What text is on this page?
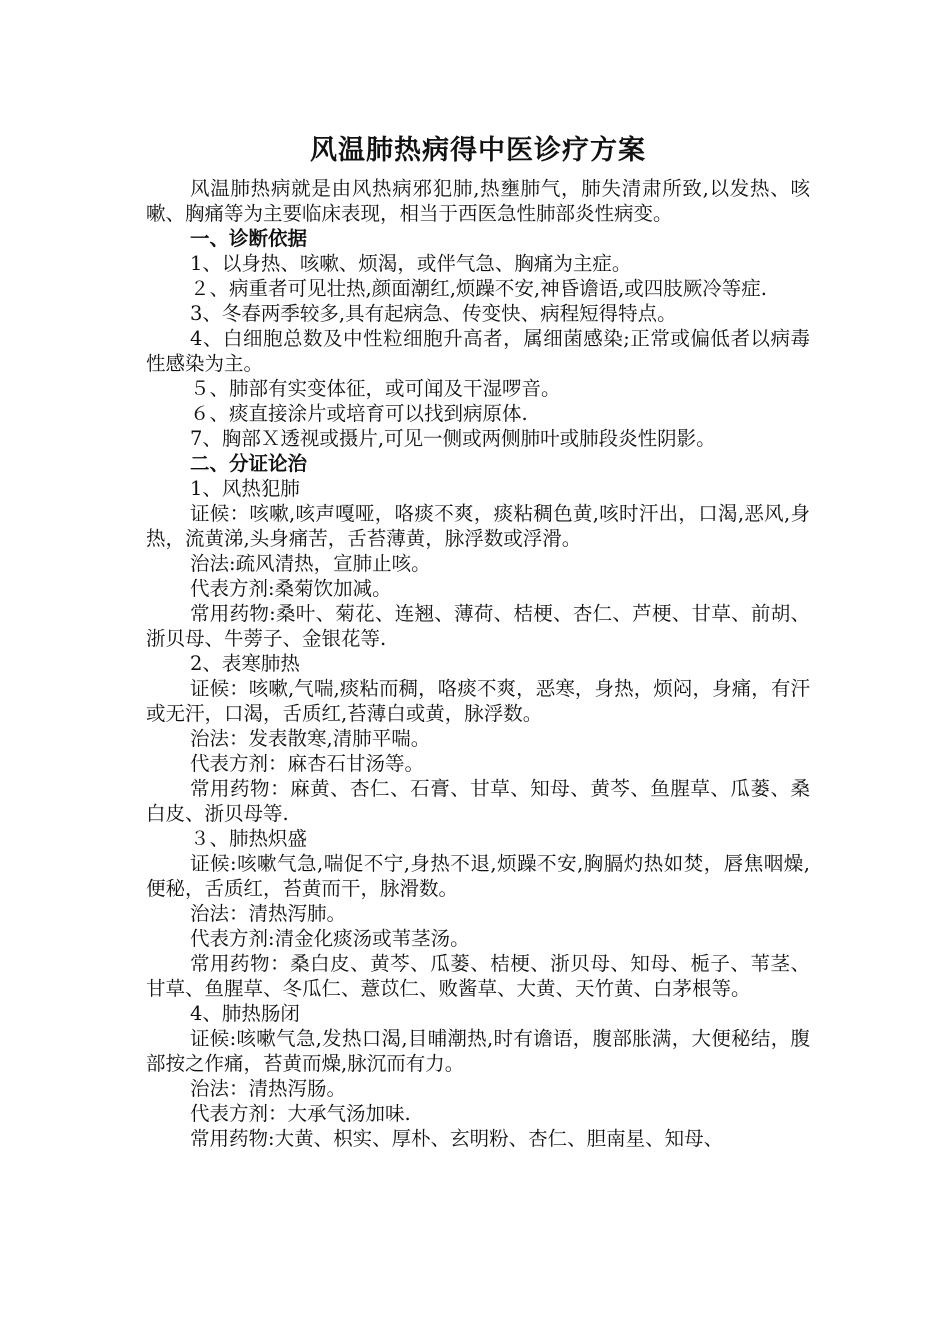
风温肺热病得中医诊疗方案

风温肺热病就是由风热病邪犯肺,热壅肺气，肺失清肃所致,以发热、咳嗽、胸痛等为主要临床表现，相当于西医急性肺部炎性病变。

一、诊断依据

1、以身热、咳嗽、烦渴，或伴气急、胸痛为主症。

２、病重者可见壮热,颜面潮红,烦躁不安,神昏谵语,或四肢厥冷等症.

3、冬春两季较多,具有起病急、传变快、病程短得特点。

4、白细胞总数及中性粒细胞升高者，属细菌感染;正常或偏低者以病毒性感染为主。

５、肺部有实变体征，或可闻及干湿啰音。

６、痰直接涂片或培育可以找到病原体.

7、胸部Ｘ透视或摄片,可见一侧或两侧肺叶或肺段炎性阴影。

二、分证论治

1、风热犯肺

证候：咳嗽,咳声嘎哑，咯痰不爽，痰粘稠色黄,咳时汗出，口渴,恶风,身热，流黄涕,头身痛苦，舌苔薄黄，脉浮数或浮滑。

治法:疏风清热，宣肺止咳。

代表方剂:桑菊饮加减。

常用药物:桑叶、菊花、连翘、薄荷、桔梗、杏仁、芦梗、甘草、前胡、浙贝母、牛蒡子、金银花等.

2、表寒肺热

证候：咳嗽,气喘,痰粘而稠，咯痰不爽，恶寒，身热，烦闷，身痛，有汗或无汗，口渴，舌质红,苔薄白或黄，脉浮数。

治法：发表散寒,清肺平喘。

代表方剂：麻杏石甘汤等。

常用药物：麻黄、杏仁、石膏、甘草、知母、黄芩、鱼腥草、瓜蒌、桑白皮、浙贝母等.

３、肺热炽盛

证候:咳嗽气急,喘促不宁,身热不退,烦躁不安,胸膈灼热如焚，唇焦咽燥,便秘，舌质红，苔黄而干，脉滑数。

治法：清热泻肺。

代表方剂:清金化痰汤或苇茎汤。

常用药物：桑白皮、黄芩、瓜蒌、桔梗、浙贝母、知母、栀子、苇茎、甘草、鱼腥草、冬瓜仁、薏苡仁、败酱草、大黄、天竹黄、白茅根等。

4、肺热肠闭

证候:咳嗽气急,发热口渴,目晡潮热,时有谵语，腹部胀满，大便秘结，腹部按之作痛，苔黄而燥,脉沉而有力。

治法：清热泻肠。

代表方剂：大承气汤加味.

常用药物:大黄、枳实、厚朴、玄明粉、杏仁、胆南星、知母、
